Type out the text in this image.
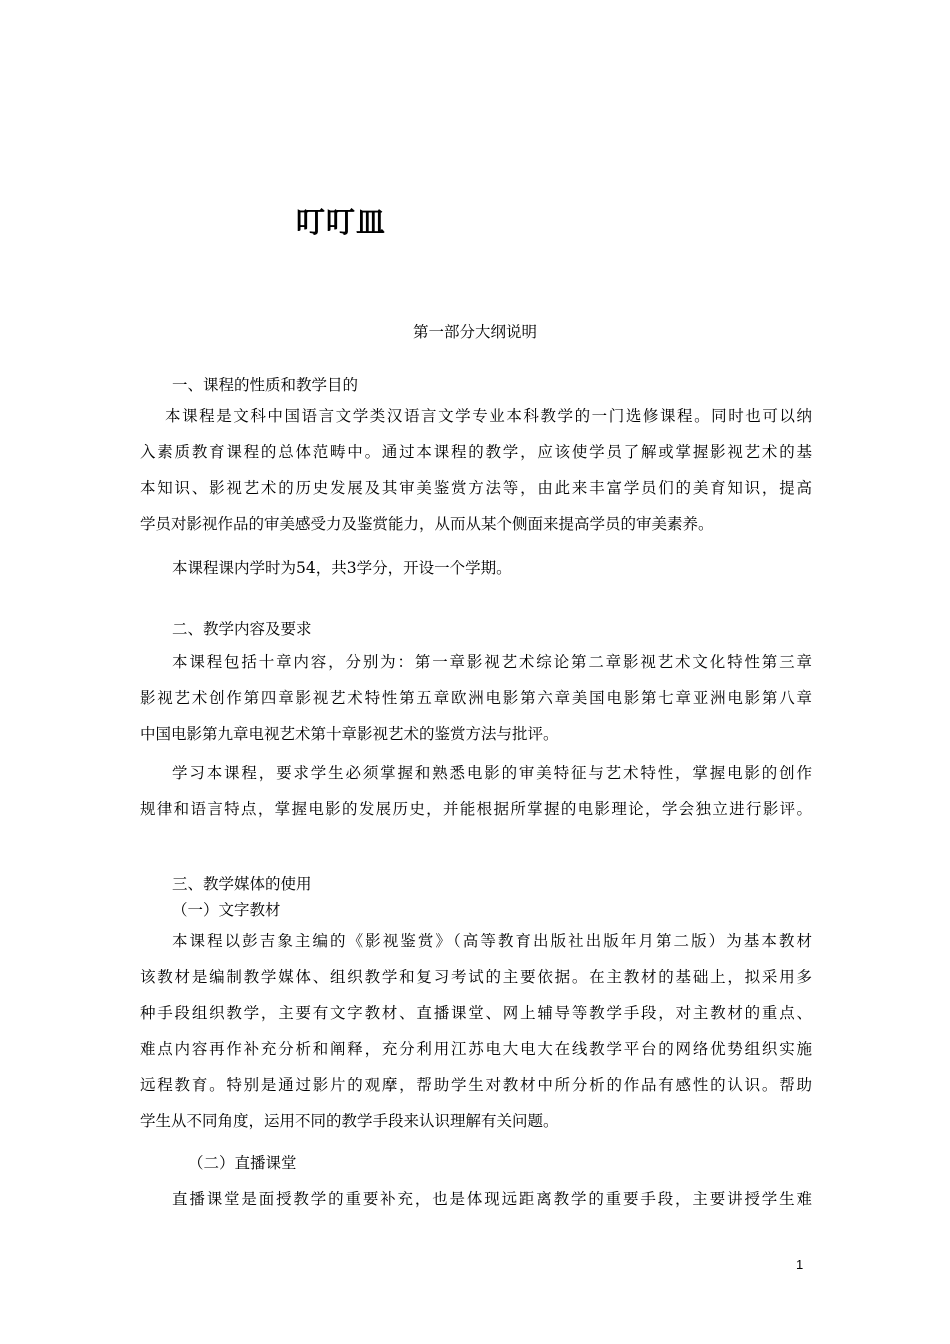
叮叮皿
第一部分大纲说明
一、课程的性质和教学目的
本课程是文科中国语言文学类汉语言文学专业本科教学的一门选修课程。同时也可以纳
入素质教育课程的总体范畴中。通过本课程的教学，应该使学员了解或掌握影视艺术的基
本知识、影视艺术的历史发展及其审美鉴赏方法等，由此来丰富学员们的美育知识，提高
学员对影视作品的审美感受力及鉴赏能力，从而从某个侧面来提高学员的审美素养。
本课程课内学时为54，共3学分，开设一个学期。
二、教学内容及要求
本课程包括十章内容，分别为：第一章影视艺术综论第二章影视艺术文化特性第三章
影视艺术创作第四章影视艺术特性第五章欧洲电影第六章美国电影第七章亚洲电影第八章
中国电影第九章电视艺术第十章影视艺术的鉴赏方法与批评。
学习本课程，要求学生必须掌握和熟悉电影的审美特征与艺术特性，掌握电影的创作
规律和语言特点，掌握电影的发展历史，并能根据所掌握的电影理论，学会独立进行影评。
三、教学媒体的使用
（一）文字教材
本课程以彭吉象主编的《影视鉴赏》（高等教育出版社出版年月第二版）为基本教材
该教材是编制教学媒体、组织教学和复习考试的主要依据。在主教材的基础上，拟采用多
种手段组织教学，主要有文字教材、直播课堂、网上辅导等教学手段，对主教材的重点、
难点内容再作补充分析和阐释，充分利用江苏电大电大在线教学平台的网络优势组织实施
远程教育。特别是通过影片的观摩，帮助学生对教材中所分析的作品有感性的认识。帮助
学生从不同角度，运用不同的教学手段来认识理解有关问题。
（二）直播课堂
直播课堂是面授教学的重要补充，也是体现远距离教学的重要手段，主要讲授学生难
1
